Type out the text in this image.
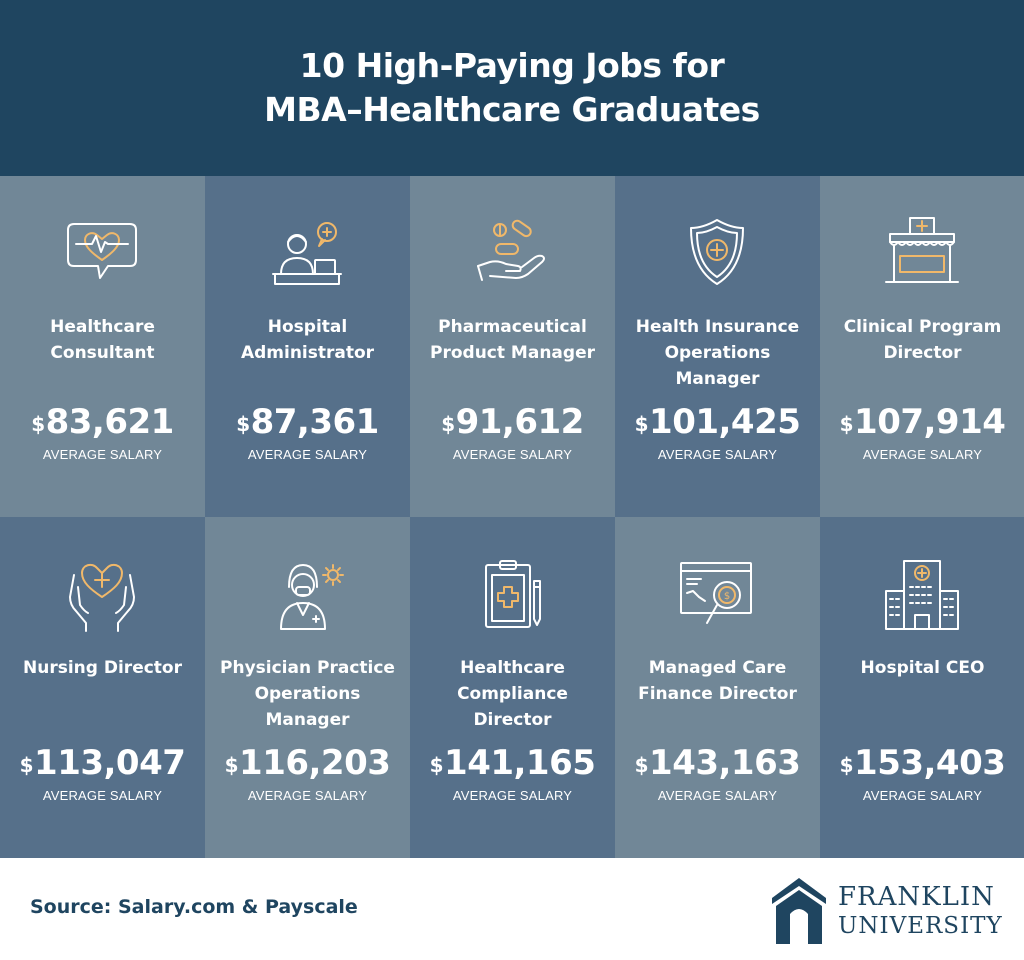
10 High-Paying Jobs for
MBA–Healthcare Graduates
Healthcare Consultant
$83,621
AVERAGE SALARY
Hospital Administrator
$87,361
AVERAGE SALARY
Pharmaceutical Product Manager
$91,612
AVERAGE SALARY
Health Insurance Operations Manager
$101,425
AVERAGE SALARY
Clinical Program Director
$107,914
AVERAGE SALARY
Nursing Director
$113,047
AVERAGE SALARY
Physician Practice Operations Manager
$116,203
AVERAGE SALARY
Healthcare Compliance Director
$141,165
AVERAGE SALARY
$
Managed Care Finance Director
$143,163
AVERAGE SALARY
Hospital CEO
$153,403
AVERAGE SALARY
Source: Salary.com & Payscale	FRANKLIN
UNIVERSITY
